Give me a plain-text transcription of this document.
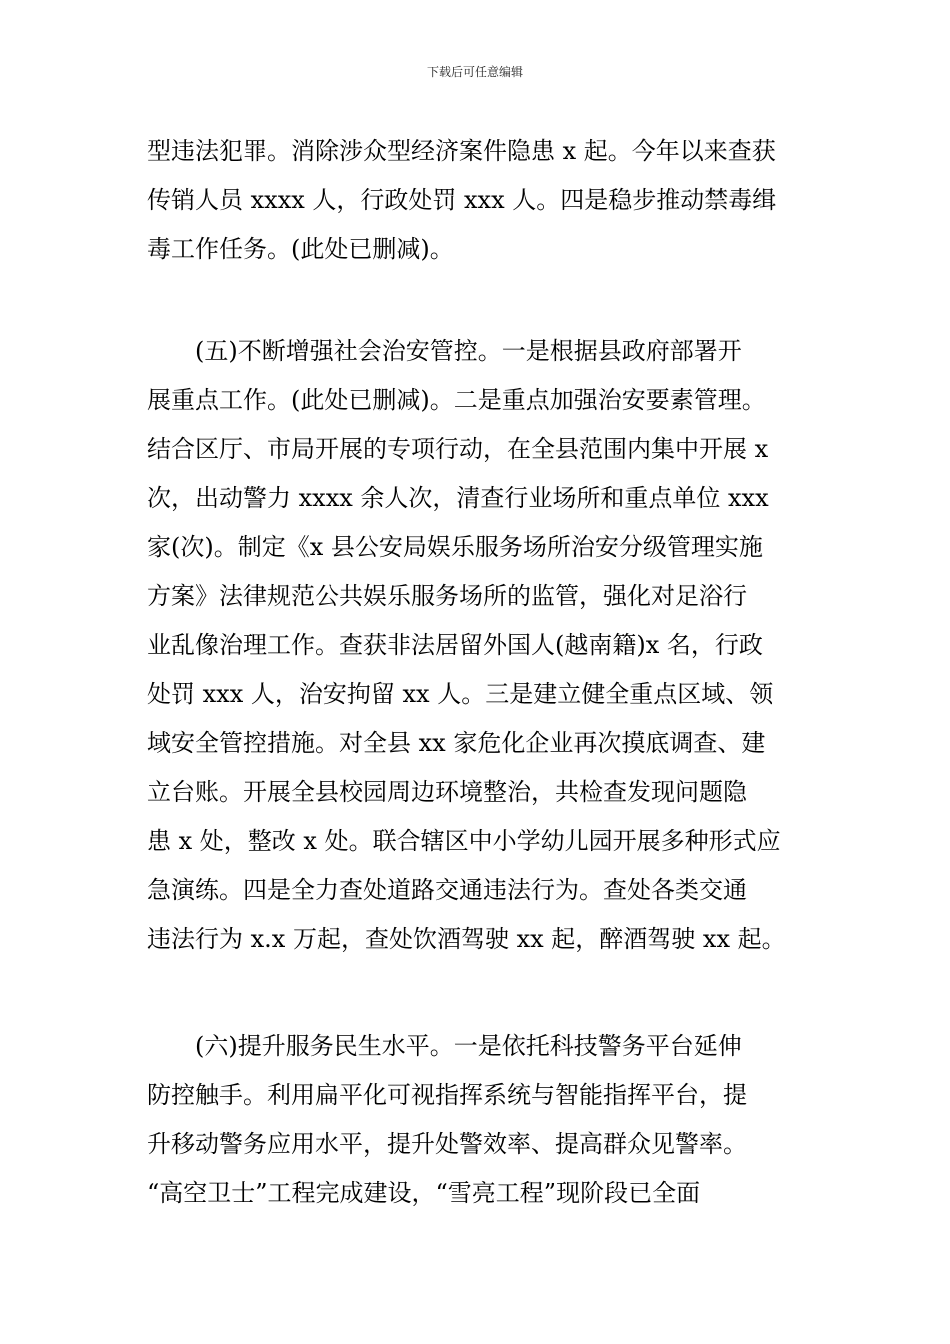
下载后可任意编辑
型违法犯罪。消除涉众型经济案件隐患 x 起。今年以来查获
传销人员 xxxx 人，行政处罚 xxx 人。四是稳步推动禁毒缉
毒工作任务。(此处已删减)。
(五)不断增强社会治安管控。一是根据县政府部署开
展重点工作。(此处已删减)。二是重点加强治安要素管理。
结合区厅、市局开展的专项行动，在全县范围内集中开展 x
次，出动警力 xxxx 余人次，清查行业场所和重点单位 xxx
家(次)。制定《x 县公安局娱乐服务场所治安分级管理实施
方案》法律规范公共娱乐服务场所的监管，强化对足浴行
业乱像治理工作。查获非法居留外国人(越南籍)x 名，行政
处罚 xxx 人，治安拘留 xx 人。三是建立健全重点区域、领
域安全管控措施。对全县 xx 家危化企业再次摸底调查、建
立台账。开展全县校园周边环境整治，共检查发现问题隐
患 x 处，整改 x 处。联合辖区中小学幼儿园开展多种形式应
急演练。四是全力查处道路交通违法行为。查处各类交通
违法行为 x.x 万起，查处饮酒驾驶 xx 起，醉酒驾驶 xx 起。
(六)提升服务民生水平。一是依托科技警务平台延伸
防控触手。利用扁平化可视指挥系统与智能指挥平台，提
升移动警务应用水平，提升处警效率、提高群众见警率。
“高空卫士”工程完成建设，“雪亮工程”现阶段已全面
